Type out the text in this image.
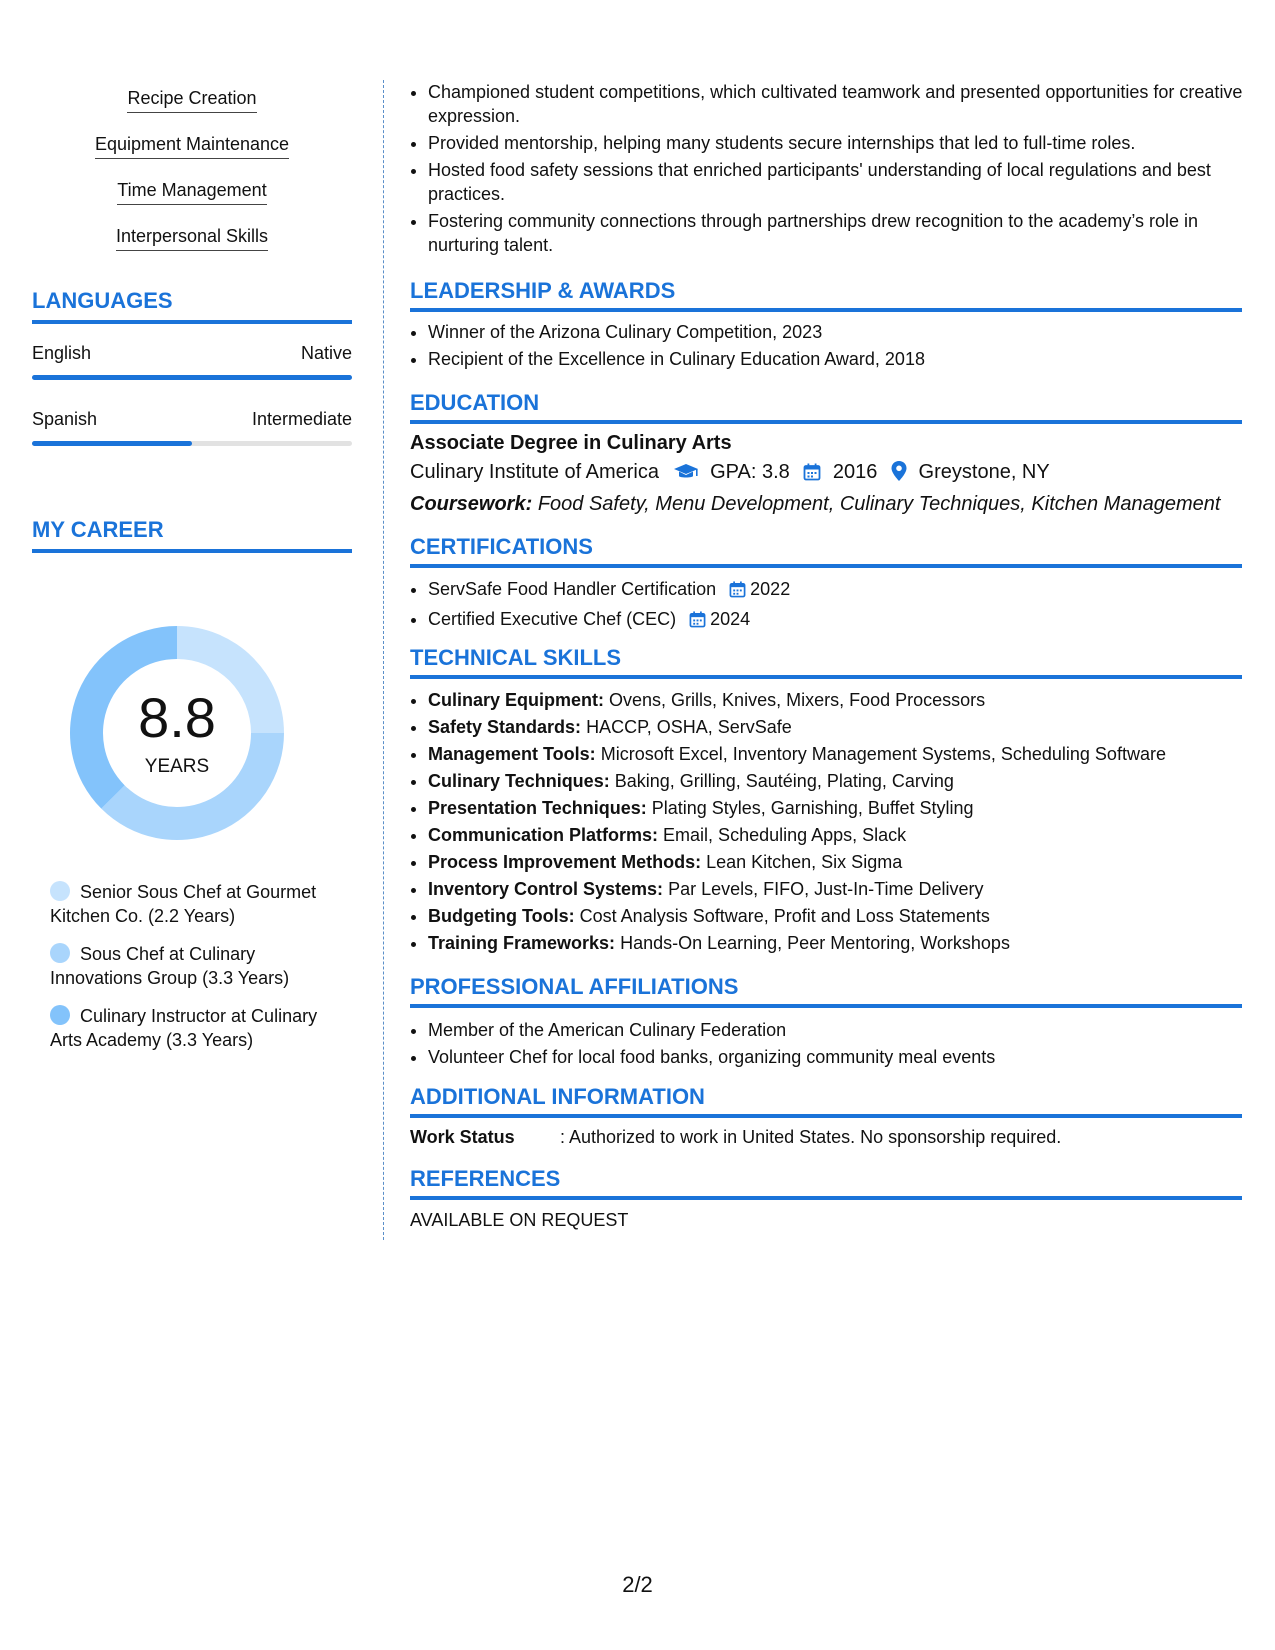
Recipe Creation
Equipment Maintenance
Time Management
Interpersonal Skills
LANGUAGES
English	Native
Spanish	Intermediate
MY CAREER
8.8
YEARS
Senior Sous Chef at Gourmet Kitchen Co. (2.2 Years)
Sous Chef at Culinary Innovations Group (3.3 Years)
Culinary Instructor at Culinary Arts Academy (3.3 Years)
• Championed student competitions, which cultivated teamwork and presented opportunities for creative expression.
• Provided mentorship, helping many students secure internships that led to full-time roles.
• Hosted food safety sessions that enriched participants' understanding of local regulations and best practices.
• Fostering community connections through partnerships drew recognition to the academy’s role in nurturing talent.
LEADERSHIP & AWARDS
• Winner of the Arizona Culinary Competition, 2023
• Recipient of the Excellence in Culinary Education Award, 2018
EDUCATION
Associate Degree in Culinary Arts
Culinary Institute of America	GPA: 3.8 2016 Greystone, NY
Coursework: Food Safety, Menu Development, Culinary Techniques, Kitchen Management
CERTIFICATIONS
• ServSafe Food Handler Certification 2022
• Certified Executive Chef (CEC) 2024
TECHNICAL SKILLS
• Culinary Equipment: Ovens, Grills, Knives, Mixers, Food Processors
• Safety Standards: HACCP, OSHA, ServSafe
• Management Tools: Microsoft Excel, Inventory Management Systems, Scheduling Software
• Culinary Techniques: Baking, Grilling, Sautéing, Plating, Carving
• Presentation Techniques: Plating Styles, Garnishing, Buffet Styling
• Communication Platforms: Email, Scheduling Apps, Slack
• Process Improvement Methods: Lean Kitchen, Six Sigma
• Inventory Control Systems: Par Levels, FIFO, Just-In-Time Delivery
• Budgeting Tools: Cost Analysis Software, Profit and Loss Statements
• Training Frameworks: Hands-On Learning, Peer Mentoring, Workshops
PROFESSIONAL AFFILIATIONS
• Member of the American Culinary Federation
• Volunteer Chef for local food banks, organizing community meal events
ADDITIONAL INFORMATION
Work Status	: Authorized to work in United States. No sponsorship required.
REFERENCES
AVAILABLE ON REQUEST
2/2
